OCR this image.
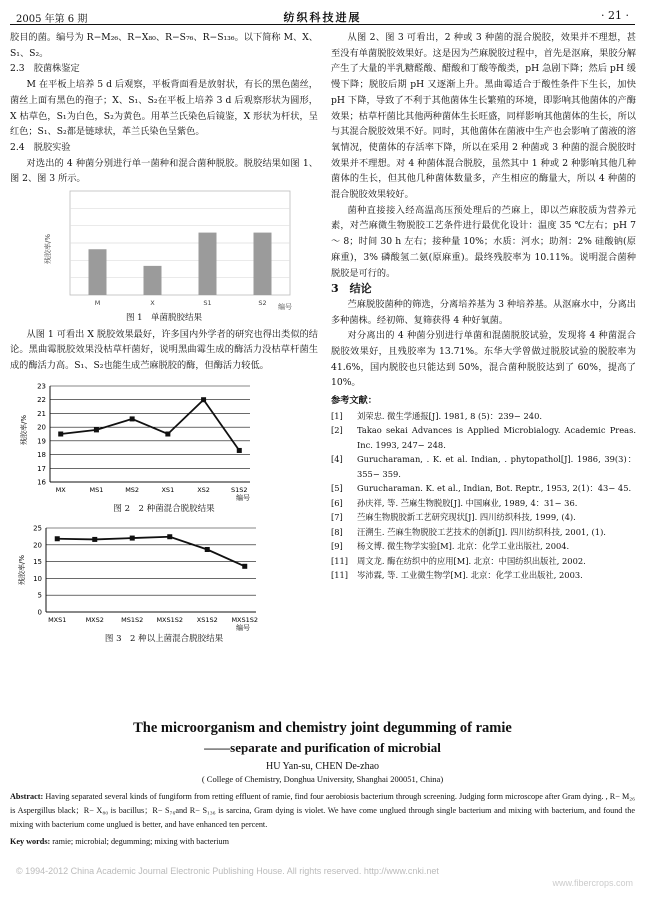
2005 年第 6 期	纺织科技进展	· 21 ·

胶目的菌。编号为 R−M₂₆、R−X₈₀、R−S₇₆、R−S₁₃₆。以下简称 M、X、S₁、S₂。

2.3　胶菌株鉴定

M 在平板上培养 5 d 后观察，平板背面看是放射状，有长的黑色菌丝，菌丝上面有黑色的孢子；X、S₁、S₂在平板上培养 3 d 后观察形状为圆形，X 枯草色，S₁为白色，S₂为黄色。用革兰氏染色后镜鉴，X 形状为杆状，呈红色；S₁、S₂都是链球状，革兰氏染色呈紫色。

2.4　脱胶实验

对选出的 4 种菌分别进行单一菌种和混合菌种脱胶。脱胶结果如图 1、图 2、图 3 所示。

残胶率/%
编号
M	X	S1	S2

图 1　单菌脱胶结果

从图 1 可看出 X 脱胶效果最好，许多国内外学者的研究也得出类似的结论。黑曲霉脱胶效果没枯草杆菌好，说明黑曲霉生成的酶活力没枯草杆菌生成的酶活力高。S₁、S₂也能生成苎麻脱胶的酶，但酶活力较低。

23
22
21
20
19
18
17
16
MX	MS1	MS2	XS1	XS2	S1S2
残胶率/%
编号

图 2　2 种菌混合脱胶结果

25
20
15
10
5
0
MXS1	MXS2	MS1S2 MXS1S2 XS1S2 MXS1S2
残胶率/%
编号

图 3　2 种以上菌混合脱胶结果

从图 2、图 3 可看出，2 种或 3 种菌的混合脱胶，效果并不理想，甚至没有单菌脱胶效果好。这是因为苎麻脱胶过程中，首先是沤麻，果胶分解产生了大量的半乳糖醛酸、醋酸和丁酸等酸类，pH 急剧下降；然后 pH 缓慢下降；脱胶后期 pH 又逐渐上升。黑曲霉适合于酸性条件下生长，加快 pH 下降，导致了不利于其他菌体生长繁殖的环境，即影响其他菌体的产酶效果；枯草杆菌比其他两种菌体生长旺盛，同样影响其他菌体的生长，所以与其混合脱胶效果不好。同时，其他菌体在菌液中生产也会影响了菌液的溶氧情况，使菌体的存活率下降，所以在采用 2 种菌或 3 种菌的混合脱胶时效果并不理想。对 4 种菌体混合脱胶，虽然其中 1 种或 2 种影响其他几种菌体的生长，但其他几种菌体数量多，产生相应的酶量大，所以 4 种菌的混合脱胶效果较好。

菌种直接接入经高温高压预处理后的苎麻上，即以苎麻胶质为营养元素，对苎麻微生物脱胶工艺条件进行最优化设计：温度 35 ℃左右；pH 7～ 8；时间 30 h 左右；接种量 10%；水质：河水；助剂：2% 硅酸钠(原麻重)，3% 磷酸氢二氨(原麻重)。最终残胶率为 10.11%。说明混合菌种脱胶是可行的。

3　结论

苎麻脱胶菌种的筛选，分离培养基为 3 种培养基。从沤麻水中，分离出多种菌株。经初筛、复筛获得 4 种好氧菌。

对分离出的 4 种菌分别进行单菌和混菌脱胶试验，发现将 4 种菌混合脱胶效果好，且残胶率为 13.71%。东华大学曾做过脱胶试验的脱胶率为 41.6%，国内脱胶也只能达到 50%，混合菌种脱胶达到了 60%，提高了 10%。

参考文献：

[1]	刘荣忠. 微生学通报[J]. 1981, 8 (5)：239− 240.
[2]	Takao sekai Advances is Applied Microbialogy. Academic Preas. Inc. 1993, 247− 248.
[4]	Gurucharaman, . K. et al. Indian, . phytopathol[J]. 1986, 39(3)：355− 359.
[5]	Gurucharaman. K. et al., Indian, Bot. Reptr., 1953, 2(1)：43− 45.
[6]	孙庆祥, 等. 苎麻生物脱胶[J]. 中国麻业, 1989, 4：31− 36.
[7]	苎麻生物脱胶新工艺研究现状[J]. 四川纺织科技, 1999, (4).
[8]	汪溯生. 苎麻生物脱胶工艺技术的创新[J]. 四川纺织科技, 2001, (1).
[9]	杨文博. 微生物学实验[M]. 北京：化学工业出版社, 2004.
[11]	周文龙. 酶在纺织中的应用[M]. 北京：中国纺织出版社, 2002.
[11]	岑沛霖, 等. 工业微生物学[M]. 北京：化学工业出版社, 2003.
The microorganism and chemistry joint degumming of ramie
——separate and purification of microbial
HU Yan-su, CHEN De-zhao
( College of Chemistry, Donghua University, Shanghai 200051, China)
Abstract: Having separated several kinds of fungiform from retting effluent of ramie, find four aerobiosis bacterium through screening. Judging form microscope after Gram dying. , R− M₂₆ is Aspergillus black；R− X₈₀ is bacillus；R− S₇₆and R− S₁₃₆ is sarcina, Gram dying is violet. We have come unglued through single bacterium and mixing with bacterium, and found the mixing with bacterium come unglued is better, and have enhanced ten percent.
Key words: ramie; microbial; degumming; mixing with bacterium
© 1994-2012 China Academic Journal Electronic Publishing House. All rights reserved. http://www.cnki.net
www.fibercrops.com
